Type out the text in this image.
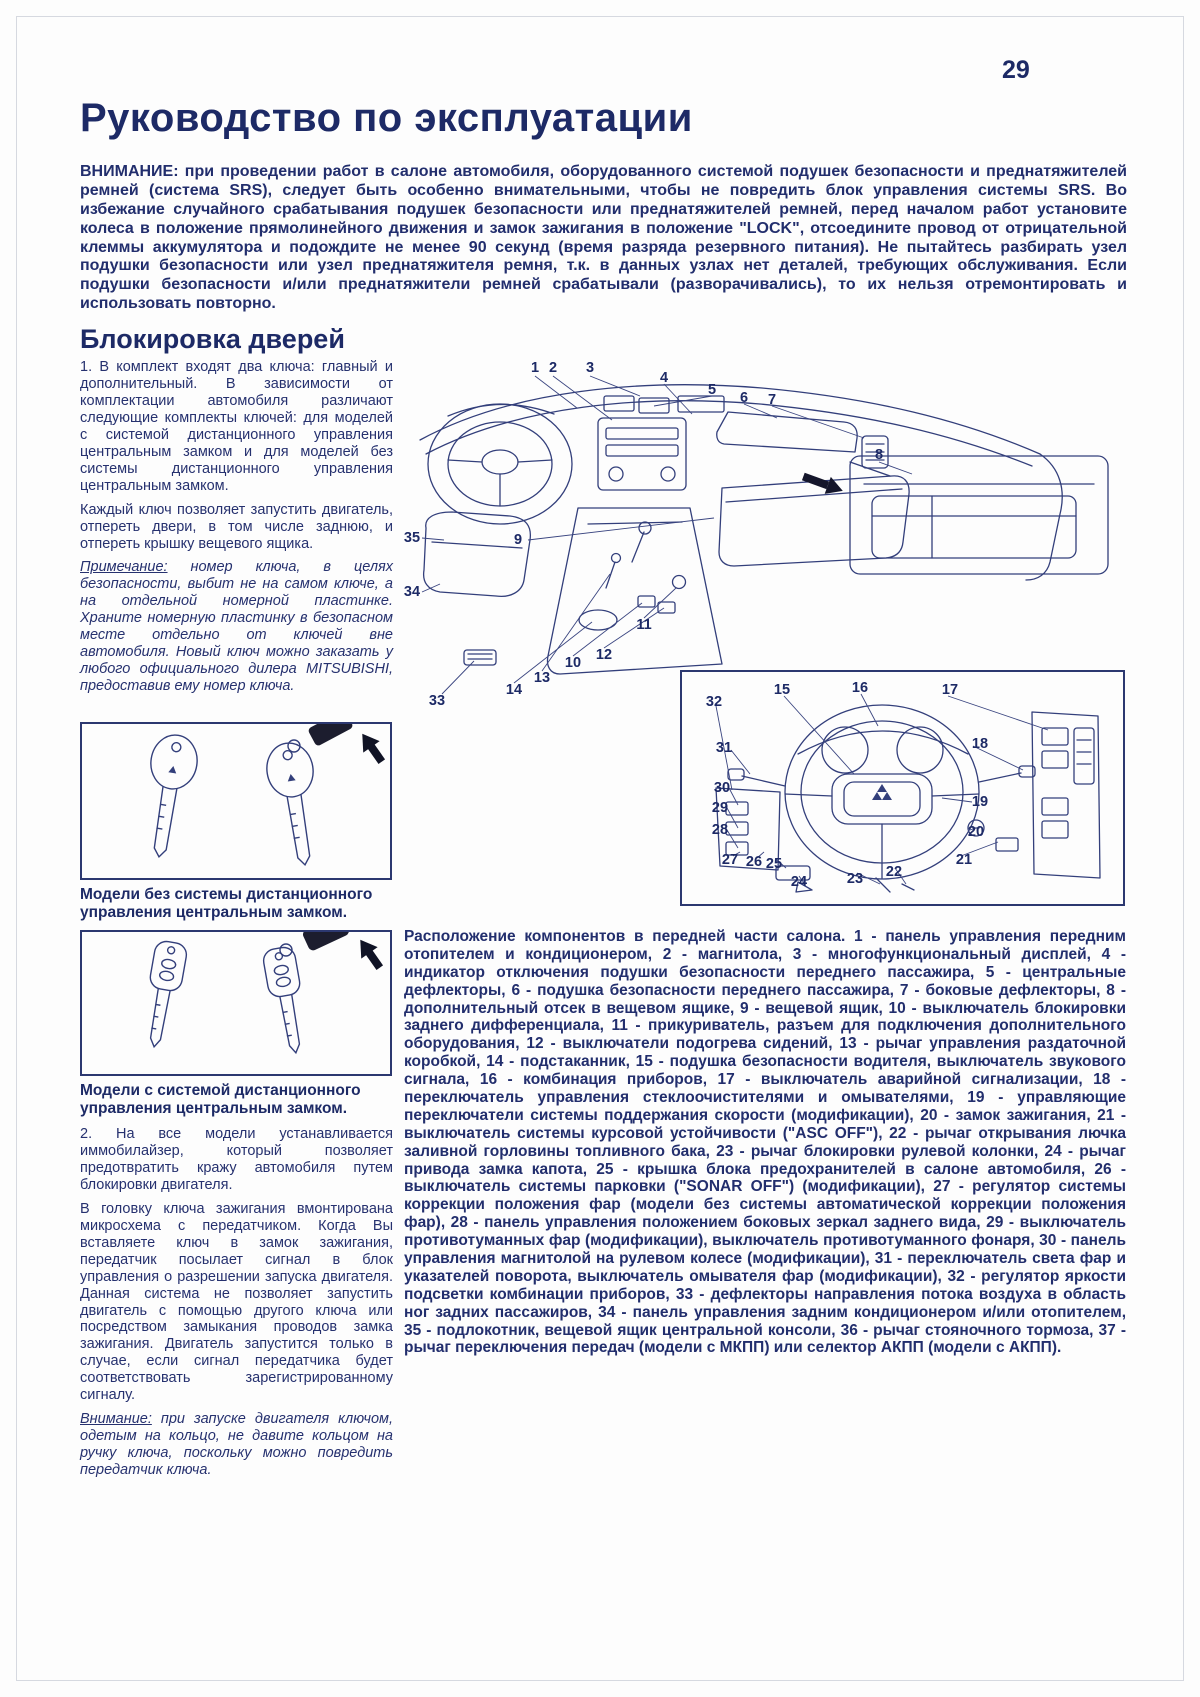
29
Руководство по эксплуатации

ВНИМАНИЕ: при проведении работ в салоне автомобиля, оборудованного системой подушек безопасности и преднатяжителей ремней (система SRS), следует быть особенно внимательными, чтобы не повредить блок управления системы SRS. Во избежание случайного срабатывания подушек безопасности или преднатяжителей ремней, перед началом работ установите колеса в положение прямолинейного движения и замок зажигания в положение "LOCK", отсоедините провод от отрицательной клеммы аккумулятора и подождите не менее 90 секунд (время разряда резервного питания). Не пытайтесь разбирать узел подушки безопасности или узел преднатяжителя ремня, т.к. в данных узлах нет деталей, требующих обслуживания. Если подушки безопасности и/или преднатяжители ремней срабатывали (разворачивались), то их нельзя отремонтировать и использовать повторно.

Блокировка дверей

1. В комплект входят два ключа: главный и дополнительный. В зависимости от комплектации автомобиля различают следующие комплекты ключей: для моделей с системой дистанционного управления центральным замком и для моделей без системы дистанционного управления центральным замком.

Каждый ключ позволяет запустить двигатель, отпереть двери, в том числе заднюю, и отпереть крышку вещевого ящика.

Примечание: номер ключа, в целях безопасности, выбит не на самом ключе, а на отдельной номерной пластинке. Храните номерную пластинку в безопасном месте отдельно от ключей вне автомобиля. Новый ключ можно заказать у любого официального дилера MITSUBISHI, предоставив ему номер ключа.

1 2 3
4
5 6 7
8
35	9
34
11
12
10
13
14
33	32
15	16	17
31	18
30
29	19
28	20
27 26 25
24	23 22
21

Модели без системы дистанционного управления центральным замком.

Модели с системой дистанционного управления центральным замком.

2. На все модели устанавливается иммобилайзер, который позволяет предотвратить кражу автомобиля путем блокировки двигателя.

В головку ключа зажигания вмонтирована микросхема с передатчиком. Когда Вы вставляете ключ в замок зажигания, передатчик посылает сигнал в блок управления о разрешении запуска двигателя. Данная система не позволяет запустить двигатель с помощью другого ключа или посредством замыкания проводов замка зажигания. Двигатель запустится только в случае, если сигнал передатчика будет соответствовать зарегистрированному сигналу.

Внимание: при запуске двигателя ключом, одетым на кольцо, не давите кольцом на ручку ключа, поскольку можно повредить передатчик ключа.

Расположение компонентов в передней части салона. 1 - панель управления передним отопителем и кондиционером, 2 - магнитола, 3 - многофункциональный дисплей, 4 - индикатор отключения подушки безопасности переднего пассажира, 5 - центральные дефлекторы, 6 - подушка безопасности переднего пассажира, 7 - боковые дефлекторы, 8 - дополнительный отсек в вещевом ящике, 9 - вещевой ящик, 10 - выключатель блокировки заднего дифференциала, 11 - прикуриватель, разъем для подключения дополнительного оборудования, 12 - выключатели подогрева сидений, 13 - рычаг управления раздаточной коробкой, 14 - подстаканник, 15 - подушка безопасности водителя, выключатель звукового сигнала, 16 - комбинация приборов, 17 - выключатель аварийной сигнализации, 18 - переключатель управления стеклоочистителями и омывателями, 19 - управляющие переключатели системы поддержания скорости (модификации), 20 - замок зажигания, 21 - выключатель системы курсовой устойчивости ("ASC OFF"), 22 - рычаг открывания лючка заливной горловины топливного бака, 23 - рычаг блокировки рулевой колонки, 24 - рычаг привода замка капота, 25 - крышка блока предохранителей в салоне автомобиля, 26 - выключатель системы парковки ("SONAR OFF") (модификации), 27 - регулятор системы коррекции положения фар (модели без системы автоматической коррекции положения фар), 28 - панель управления положением боковых зеркал заднего вида, 29 - выключатель противотуманных фар (модификации), выключатель противотуманного фонаря, 30 - панель управления магнитолой на рулевом колесе (модификации), 31 - переключатель света фар и указателей поворота, выключатель омывателя фар (модификации), 32 - регулятор яркости подсветки комбинации приборов, 33 - дефлекторы направления потока воздуха в область ног задних пассажиров, 34 - панель управления задним кондиционером и/или отопителем, 35 - подлокотник, вещевой ящик центральной консоли, 36 - рычаг стояночного тормоза, 37 - рычаг переключения передач (модели с МКПП) или селектор АКПП (модели с АКПП).
